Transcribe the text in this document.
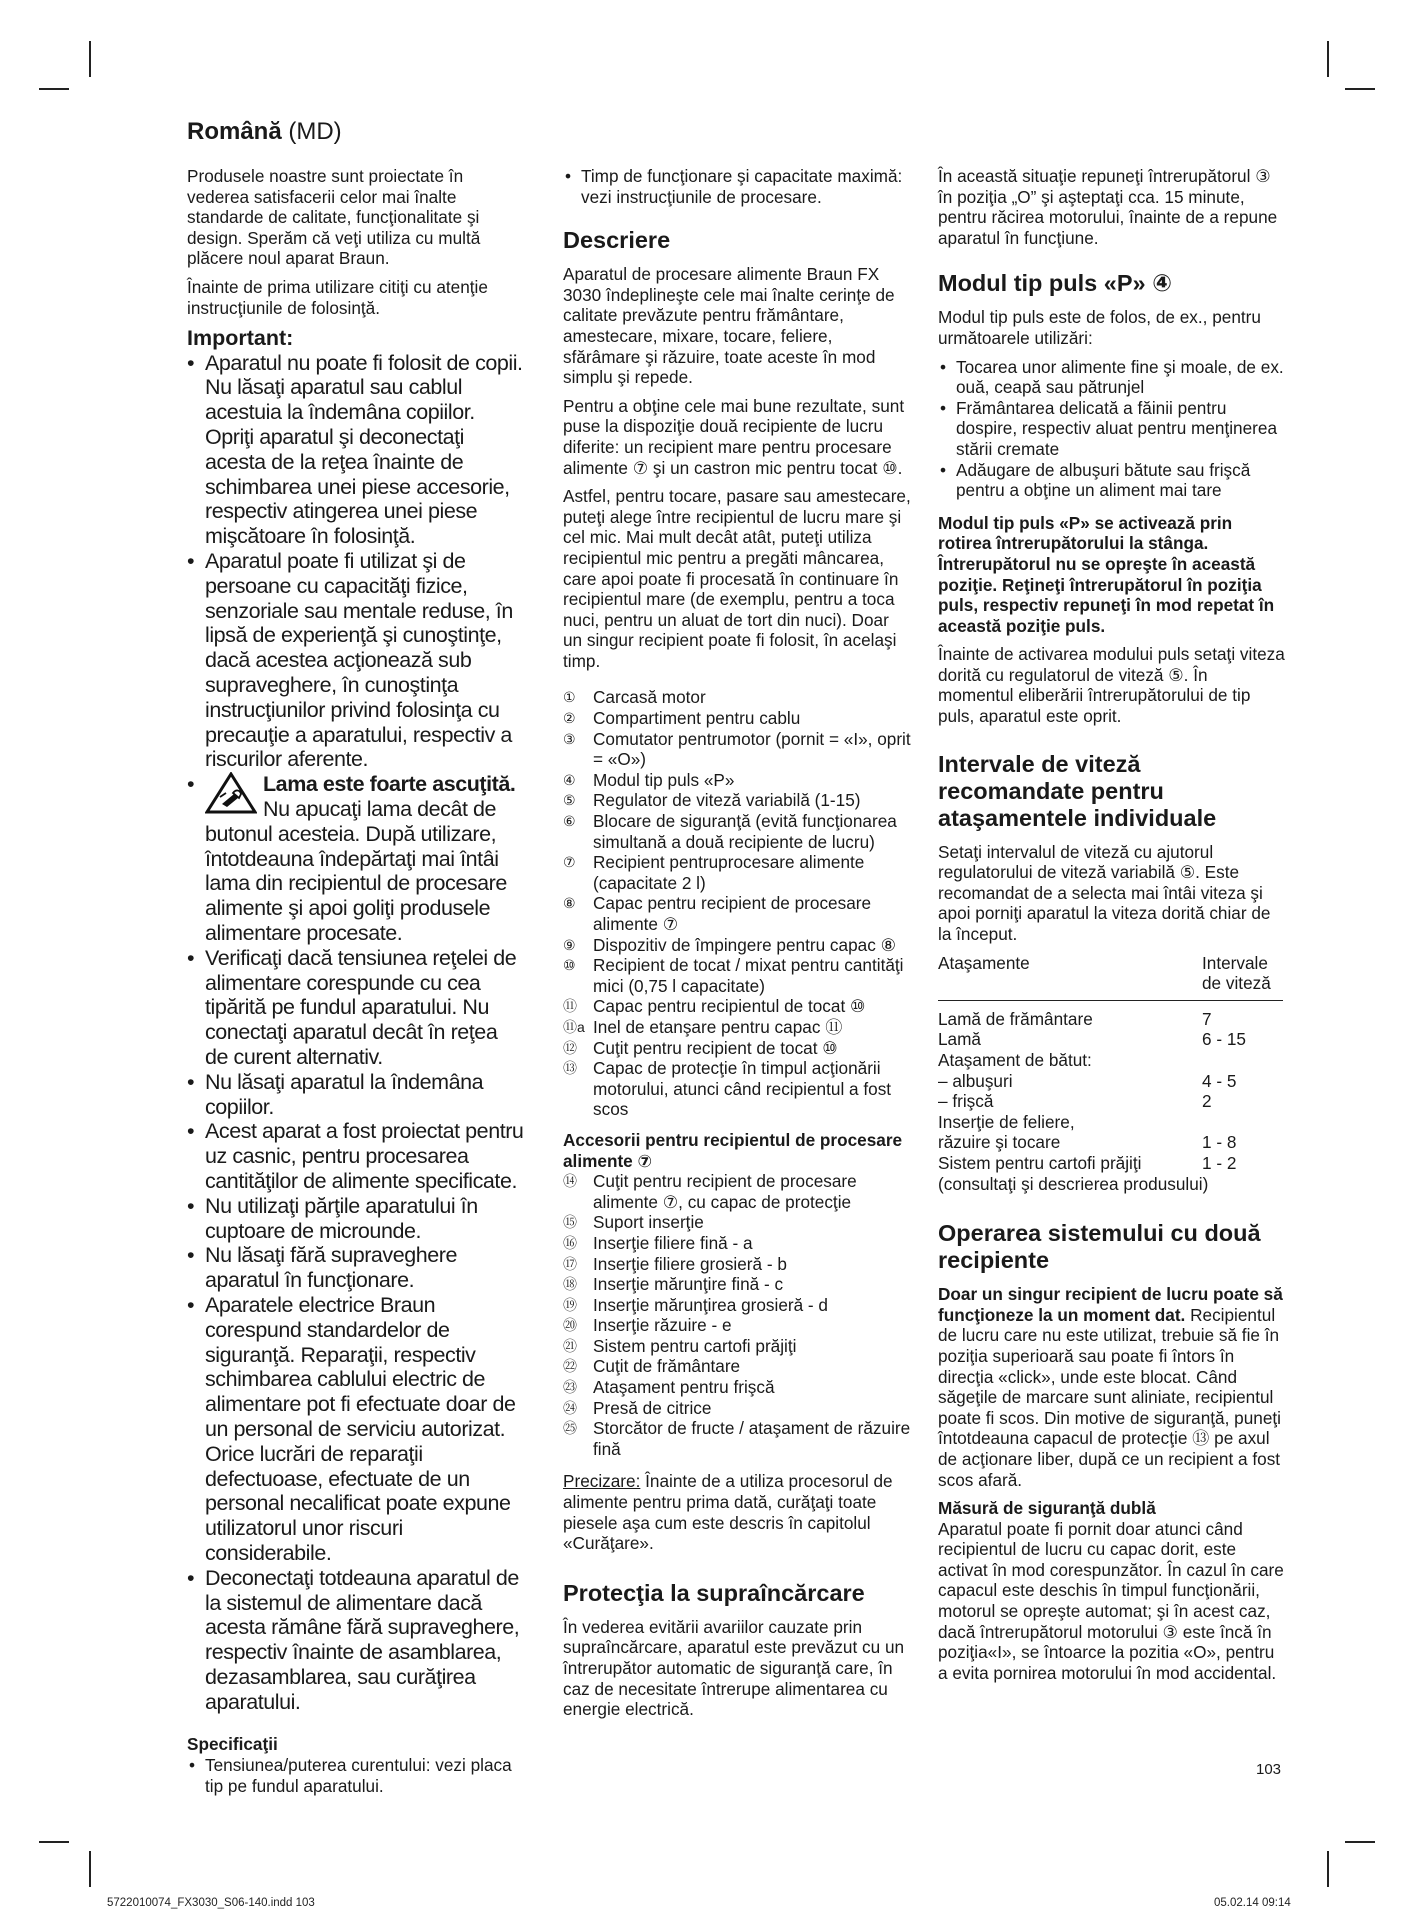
Română (MD)

Produsele noastre sunt proiectate în vederea satisfacerii celor mai înalte standarde de calitate, funcţionalitate şi design. Sperăm că veţi utiliza cu multă plăcere noul aparat Braun.

Înainte de prima utilizare citiţi cu atenţie instrucţiunile de folosinţă.

Important:
• Aparatul nu poate fi folosit de copii. Nu lăsaţi aparatul sau cablul acestuia la îndemâna copiilor. Opriţi aparatul şi deconectaţi acesta de la reţea înainte de schimbarea unei piese accesorie, respectiv atingerea unei piese mişcătoare în folosinţă.
• Aparatul poate fi utilizat şi de persoane cu capacităţi fizice, senzoriale sau mentale reduse, în lipsă de experienţă şi cunoştinţe, dacă acestea acţionează sub supraveghere, în cunoştinţa instrucţiunilor privind folosinţa cu precauţie a aparatului, respectiv a riscurilor aferente.
• Lama este foarte ascuţită. Nu apucaţi lama decât de butonul acesteia. După utilizare, întotdeauna îndepărtaţi mai întâi lama din recipientul de procesare alimente şi apoi goliţi produsele alimentare procesate.
• Verificaţi dacă tensiunea reţelei de alimentare corespunde cu cea tipărită pe fundul aparatului. Nu conectaţi aparatul decât în reţea de curent alternativ.
• Nu lăsaţi aparatul la îndemâna copiilor.
• Acest aparat a fost proiectat pentru uz casnic, pentru procesarea cantităţilor de alimente specificate.
• Nu utilizaţi părţile aparatului în cuptoare de microunde.
• Nu lăsaţi fără supraveghere aparatul în funcţionare.
• Aparatele electrice Braun corespund standardelor de siguranţă. Reparaţii, respectiv schimbarea cablului electric de alimentare pot fi efectuate doar de un personal de serviciu autorizat. Orice lucrări de reparaţii defectuoase, efectuate de un personal necalificat poate expune utilizatorul unor riscuri considerabile.
• Deconectaţi totdeauna aparatul de la sistemul de alimentare dacă acesta rămâne fără supraveghere, respectiv înainte de asamblarea, dezasamblarea, sau curăţirea aparatului.
Specificaţii
• Tensiunea/puterea curentului: vezi placa tip pe fundul aparatului.
• Timp de funcţionare şi capacitate maximă: vezi instrucţiunile de procesare.
Descriere

Aparatul de procesare alimente Braun FX 3030 îndeplineşte cele mai înalte cerinţe de calitate prevăzute pentru frământare, amestecare, mixare, tocare, feliere, sfărâmare şi răzuire, toate aceste în mod simplu şi repede.

Pentru a obţine cele mai bune rezultate, sunt puse la dispoziţie două recipiente de lucru diferite: un recipient mare pentru procesare alimente ⑦ şi un castron mic pentru tocat ⑩.

Astfel, pentru tocare, pasare sau amestecare, puteţi alege între recipientul de lucru mare şi cel mic. Mai mult decât atât, puteţi utiliza recipientul mic pentru a pregăti mâncarea, care apoi poate fi procesată în continuare în recipientul mare (de exemplu, pentru a toca nuci, pentru un aluat de tort din nuci). Doar un singur recipient poate fi folosit, în acelaşi timp.

① Carcasă motor
② Compartiment pentru cablu
③ Comutator pentrumotor (pornit = «I», oprit = «O»)
④ Modul tip puls «P»
⑤ Regulator de viteză variabilă (1-15)
⑥ Blocare de siguranţă (evită funcţionarea simultană a două recipiente de lucru)
⑦ Recipient pentruprocesare alimente (capacitate 2 l)
⑧ Capac pentru recipient de procesare alimente ⑦
⑨ Dispozitiv de împingere pentru capac ⑧
⑩ Recipient de tocat / mixat pentru cantităţi mici (0,75 l capacitate)
⑪ Capac pentru recipientul de tocat ⑩
⑪a Inel de etanşare pentru capac ⑪
⑫ Cuţit pentru recipient de tocat ⑩
⑬ Capac de protecţie în timpul acţionării motorului, atunci când recipientul a fost scos
Accesorii pentru recipientul de procesare alimente ⑦
⑭ Cuţit pentru recipient de procesare alimente ⑦, cu capac de protecţie
⑮ Suport inserţie
⑯ Inserţie filiere fină - a
⑰ Inserţie filiere grosieră - b
⑱ Inserţie mărunţire fină - c
⑲ Inserţie mărunţirea grosieră - d
⑳ Inserţie răzuire - e
㉑ Sistem pentru cartofi prăjiţi
㉒ Cuţit de frământare
㉓ Ataşament pentru frişcă
㉔ Presă de citrice
㉕ Storcător de fructe / ataşament de răzuire fină

Precizare: Înainte de a utiliza procesorul de alimente pentru prima dată, curăţaţi toate piesele aşa cum este descris în capitolul «Curăţare».

Protecţia la supraîncărcare

În vederea evitării avariilor cauzate prin supraîncărcare, aparatul este prevăzut cu un întrerupător automatic de siguranţă care, în caz de necesitate întrerupe alimentarea cu energie electrică.

În această situaţie repuneţi întrerupătorul ③ în poziţia „O” şi aşteptaţi cca. 15 minute, pentru răcirea motorului, înainte de a repune aparatul în funcţiune.

Modul tip puls «P» ④

Modul tip puls este de folos, de ex., pentru următoarele utilizări:

• Tocarea unor alimente fine şi moale, de ex. ouă, ceapă sau pătrunjel
• Frământarea delicată a făinii pentru dospire, respectiv aluat pentru menţinerea stării cremate
• Adăugare de albuşuri bătute sau frişcă pentru a obţine un aliment mai tare

Modul tip puls «P» se activează prin rotirea întrerupătorului la stânga. Întrerupătorul nu se opreşte în această poziţie. Reţineţi întrerupătorul în poziţia puls, respectiv repuneţi în mod repetat în această poziţie puls.

Înainte de activarea modului puls setaţi viteza dorită cu regulatorul de viteză ⑤. În momentul eliberării întrerupătorului de tip puls, aparatul este oprit.

Intervale de viteză recomandate pentru ataşamentele individuale

Setaţi intervalul de viteză cu ajutorul regulatorului de viteză variabilă ⑤. Este recomandat de a selecta mai întâi viteza şi apoi porniţi aparatul la viteza dorită chiar de la început.

Ataşamente	Intervale de viteză
Lamă de frământare	7
Lamă	6 - 15
Ataşament de bătut:	
– albuşuri	4 - 5
– frişcă	2
Inserţie de feliere,	
răzuire şi tocare	1 - 8
Sistem pentru cartofi prăjiţi	1 - 2

(consultaţi şi descrierea produsului)

Operarea sistemului cu două recipiente

Doar un singur recipient de lucru poate să funcţioneze la un moment dat. Recipientul de lucru care nu este utilizat, trebuie să fie în poziţia superioară sau poate fi întors în direcţia «click», unde este blocat. Când săgeţile de marcare sunt aliniate, recipientul poate fi scos. Din motive de siguranţă, puneţi întotdeauna capacul de protecţie ⑬ pe axul de acţionare liber, după ce un recipient a fost scos afară.

Măsură de siguranţă dublă

Aparatul poate fi pornit doar atunci când recipientul de lucru cu capac dorit, este activat în mod corespunzător. În cazul în care capacul este deschis în timpul funcţionării, motorul se opreşte automat; şi în acest caz, dacă întrerupătorul motorului ③ este încă în poziţia«I», se întoarce la pozitia «O», pentru a evita pornirea motorului în mod accidental.

103
5722010074_FX3030_S06-140.indd 103	05.02.14 09:14
